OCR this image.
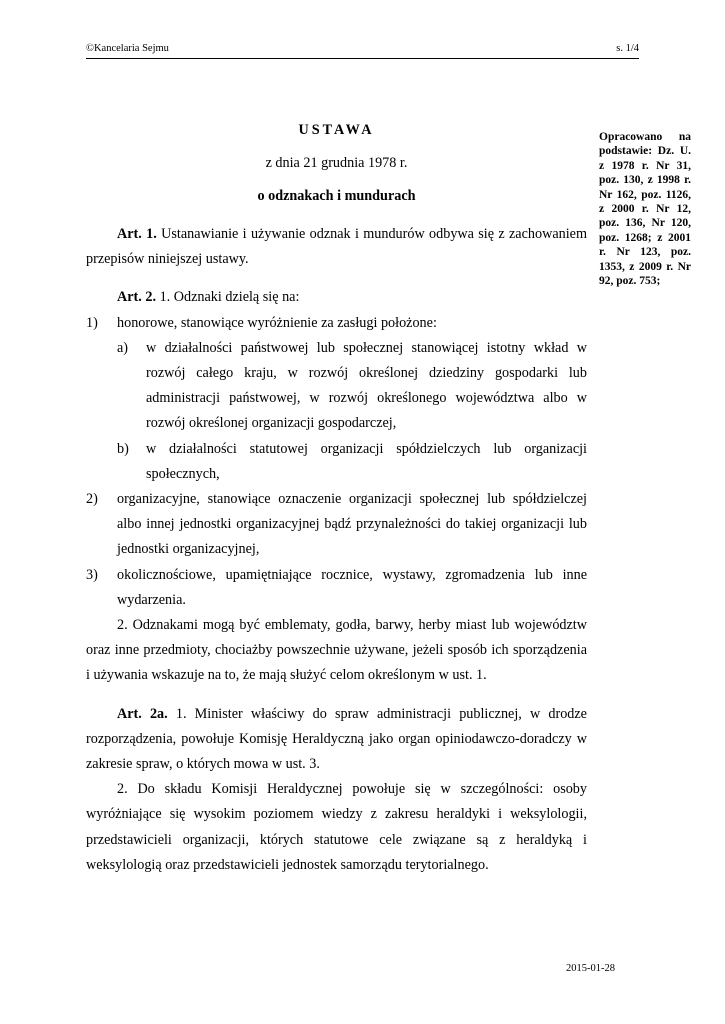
©Kancelaria Sejmu	s. 1/4
Opracowano na podstawie: Dz. U. z 1978 r. Nr 31, poz. 130, z 1998 r. Nr 162, poz. 1126, z 2000 r. Nr 12, poz. 136, Nr 120, poz. 1268; z 2001 r. Nr 123, poz. 1353, z 2009 r. Nr 92, poz. 753;
USTAWA
z dnia 21 grudnia 1978 r.
o odznakach i mundurach

Art. 1. Ustanawianie i używanie odznak i mundurów odbywa się z zachowaniem przepisów niniejszej ustawy.

Art. 2. 1. Odznaki dzielą się na:

1)	honorowe, stanowiące wyróżnienie za zasługi położone:
a)	w działalności państwowej lub społecznej stanowiącej istotny wkład w rozwój całego kraju, w rozwój określonej dziedziny gospodarki lub administracji państwowej, w rozwój określonego województwa albo w rozwój określonej organizacji gospodarczej,
b)	w działalności statutowej organizacji spółdzielczych lub organizacji społecznych,
2)	organizacyjne, stanowiące oznaczenie organizacji społecznej lub spółdzielczej albo innej jednostki organizacyjnej bądź przynależności do takiej organizacji lub jednostki organizacyjnej,
3)	okolicznościowe, upamiętniające rocznice, wystawy, zgromadzenia lub inne wydarzenia.

2. Odznakami mogą być emblematy, godła, barwy, herby miast lub województw oraz inne przedmioty, chociażby powszechnie używane, jeżeli sposób ich sporządzenia i używania wskazuje na to, że mają służyć celom określonym w ust. 1.

Art. 2a. 1. Minister właściwy do spraw administracji publicznej, w drodze rozporządzenia, powołuje Komisję Heraldyczną jako organ opiniodawczo-doradczy w zakresie spraw, o których mowa w ust. 3.

2. Do składu Komisji Heraldycznej powołuje się w szczególności: osoby wyróżniające się wysokim poziomem wiedzy z zakresu heraldyki i weksylologii, przedstawicieli organizacji, których statutowe cele związane są z heraldyką i weksylologią oraz przedstawicieli jednostek samorządu terytorialnego.

2015-01-28
